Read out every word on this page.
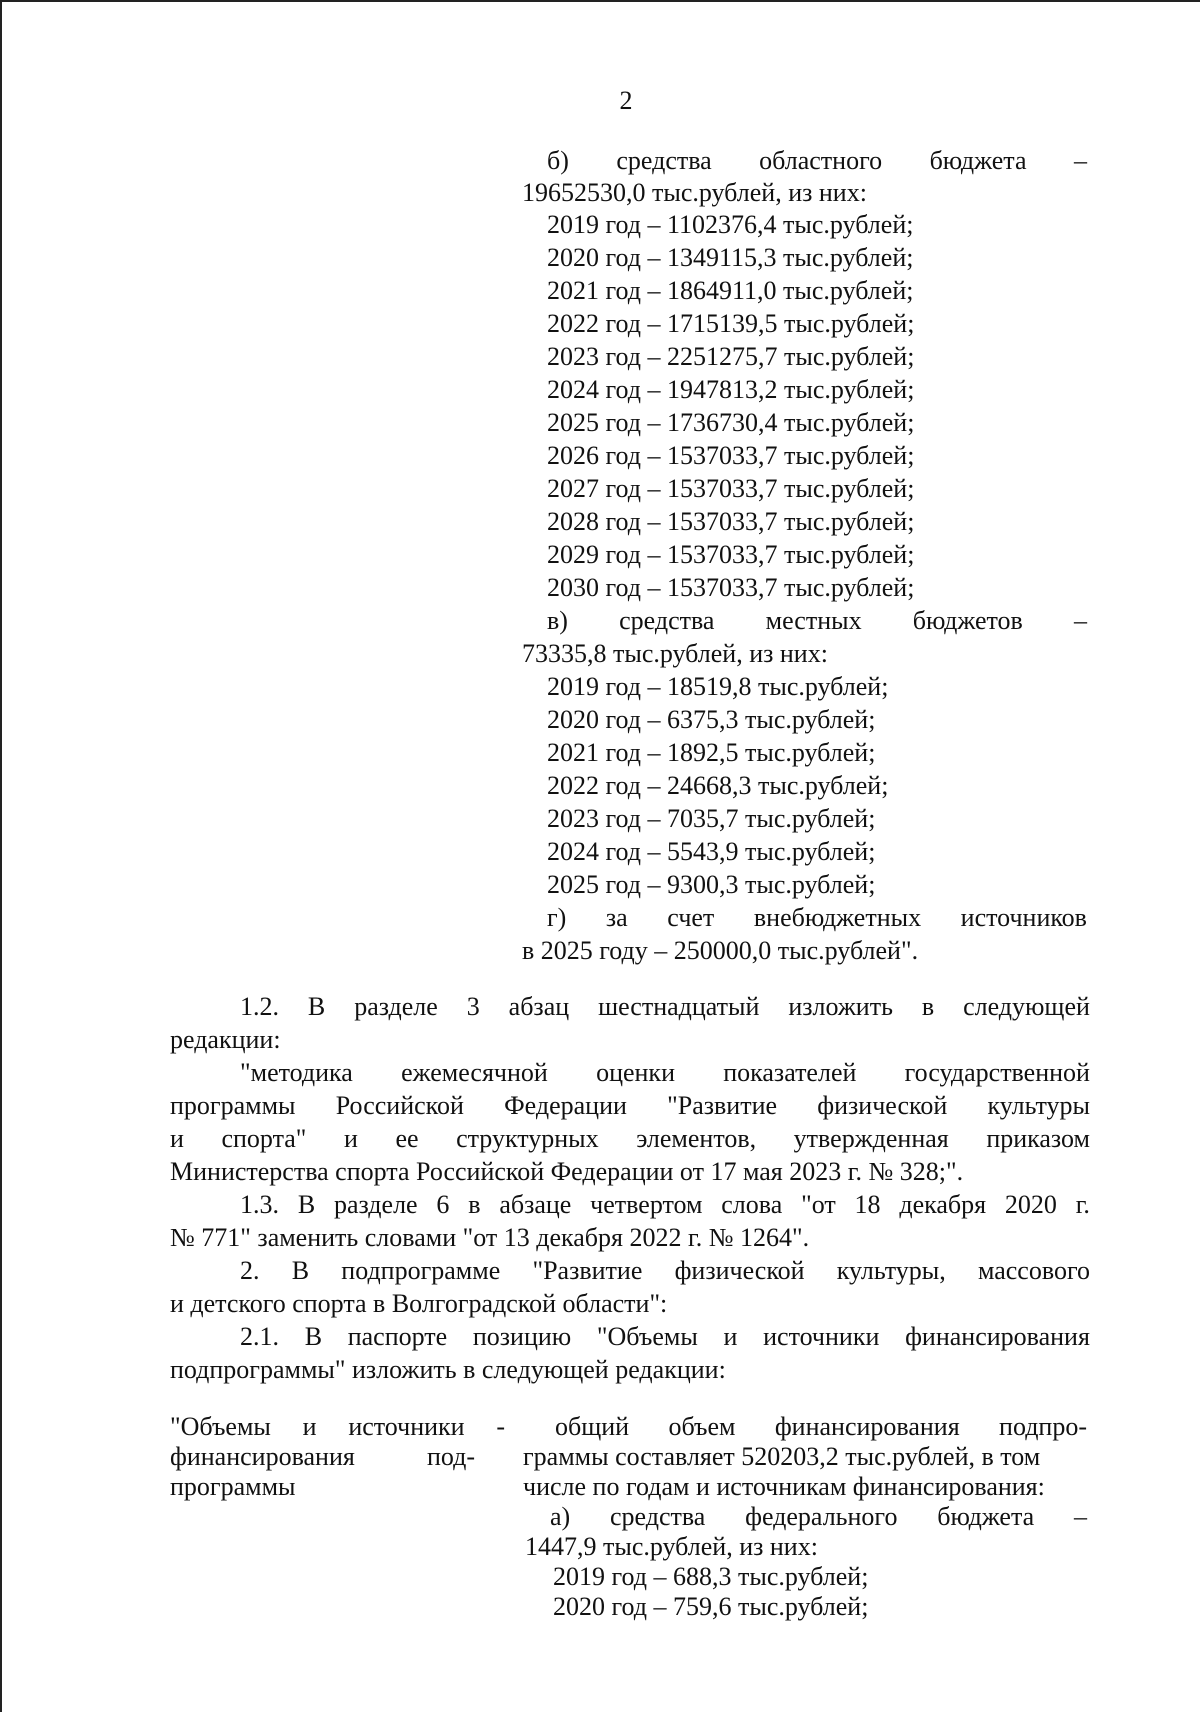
2
б) средства областного бюджета –
19652530,0 тыс.рублей, из них:
2019 год – 1102376,4 тыс.рублей;
2020 год – 1349115,3 тыс.рублей;
2021 год – 1864911,0 тыс.рублей;
2022 год – 1715139,5 тыс.рублей;
2023 год – 2251275,7 тыс.рублей;
2024 год – 1947813,2 тыс.рублей;
2025 год – 1736730,4 тыс.рублей;
2026 год – 1537033,7 тыс.рублей;
2027 год – 1537033,7 тыс.рублей;
2028 год – 1537033,7 тыс.рублей;
2029 год – 1537033,7 тыс.рублей;
2030 год – 1537033,7 тыс.рублей;
в) средства местных бюджетов –
73335,8 тыс.рублей, из них:
2019 год – 18519,8 тыс.рублей;
2020 год – 6375,3 тыс.рублей;
2021 год – 1892,5 тыс.рублей;
2022 год – 24668,3 тыс.рублей;
2023 год – 7035,7 тыс.рублей;
2024 год – 5543,9 тыс.рублей;
2025 год – 9300,3 тыс.рублей;
г) за счет внебюджетных источников
в 2025 году – 250000,0 тыс.рублей".
1.2. В разделе 3 абзац шестнадцатый изложить в следующей
редакции:
"методика ежемесячной оценки показателей государственной
программы Российской Федерации "Развитие физической культуры
и спорта" и ее структурных элементов, утвержденная приказом
Министерства спорта Российской Федерации от 17 мая 2023 г. № 328;".
1.3. В разделе 6 в абзаце четвертом слова "от 18 декабря 2020 г.
№ 771" заменить словами "от 13 декабря 2022 г. № 1264".
2. В подпрограмме "Развитие физической культуры, массового
и детского спорта в Волгоградской области":
2.1. В паспорте позицию "Объемы и источники финансирования
подпрограммы" изложить в следующей редакции:
"Объемы и источники -
финансирования	под-
программы
общий объем финансирования подпро-
граммы составляет 520203,2 тыс.рублей, в том
числе по годам и источникам финансирования:
а) средства федерального бюджета –
1447,9 тыс.рублей, из них:
2019 год – 688,3 тыс.рублей;
2020 год – 759,6 тыс.рублей;
